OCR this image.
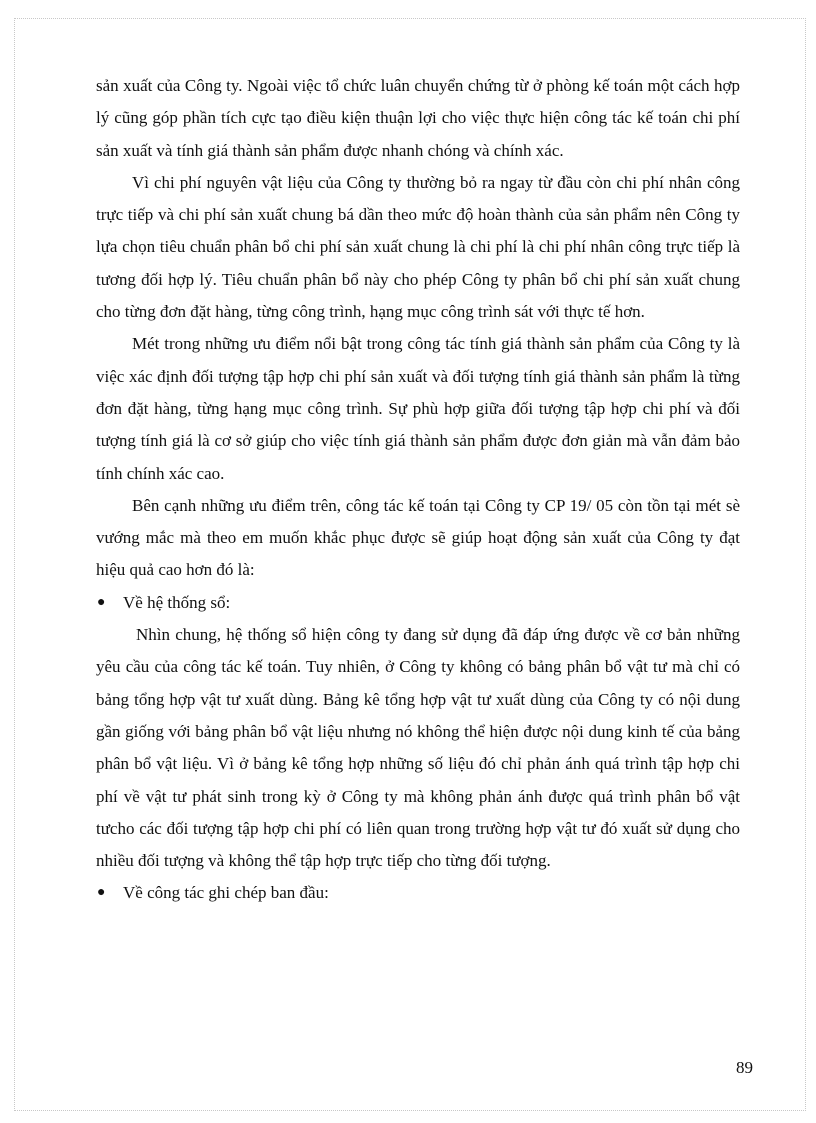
sản xuất của Công ty. Ngoài việc tổ chức luân chuyển chứng từ ở phòng kế toán một cách hợp lý cũng góp phần tích cực tạo điều kiện thuận lợi cho việc thực hiện công tác kế toán chi phí sản xuất và tính giá thành sản phẩm được nhanh chóng và chính xác.

Vì chi phí nguyên vật liệu của Công ty thường bỏ ra ngay từ đầu còn chi phí nhân công trực tiếp và chi phí sản xuất chung bá dần theo mức độ hoàn thành của sản phẩm nên Công ty lựa chọn tiêu chuẩn phân bổ chi phí sản xuất chung là chi phí là chi phí nhân công trực tiếp là tương đối hợp lý. Tiêu chuẩn phân bổ này cho phép Công ty phân bổ chi phí sản xuất chung cho từng đơn đặt hàng, từng công trình, hạng mục công trình sát với thực tế hơn.

Mét trong những ưu điểm nổi bật trong công tác tính giá thành sản phẩm của Công ty là việc xác định đối tượng tập hợp chi phí sản xuất và đối tượng tính giá thành sản phẩm là từng đơn đặt hàng, từng hạng mục công trình. Sự phù hợp giữa đối tượng tập hợp chi phí và đối tượng tính giá là cơ sở giúp cho việc tính giá thành sản phẩm được đơn giản mà vẫn đảm bảo tính chính xác cao.

Bên cạnh những ưu điểm trên, công tác kế toán tại Công ty CP 19/ 05 còn tồn tại mét sè vướng mắc mà theo em muốn khắc phục được sẽ giúp hoạt động sản xuất của Công ty đạt hiệu quả cao hơn đó là:

● Về hệ thống sổ:

Nhìn chung, hệ thống sổ hiện công ty đang sử dụng đã đáp ứng được về cơ bản những yêu cầu của công tác kế toán. Tuy nhiên, ở Công ty không có bảng phân bổ vật tư mà chỉ có bảng tổng hợp vật tư xuất dùng. Bảng kê tổng hợp vật tư xuất dùng của Công ty có nội dung gần giống với bảng phân bổ vật liệu nhưng nó không thể hiện được nội dung kinh tế của bảng phân bổ vật liệu. Vì ở bảng kê tổng hợp những số liệu đó chỉ phản ánh quá trình tập hợp chi phí về vật tư phát sinh trong kỳ ở Công ty mà không phản ánh được quá trình phân bổ vật tưcho các đối tượng tập hợp chi phí có liên quan trong trường hợp vật tư đó xuất sử dụng cho nhiều đối tượng và không thể tập hợp trực tiếp cho từng đối tượng.

● Về công tác ghi chép ban đầu:
89
